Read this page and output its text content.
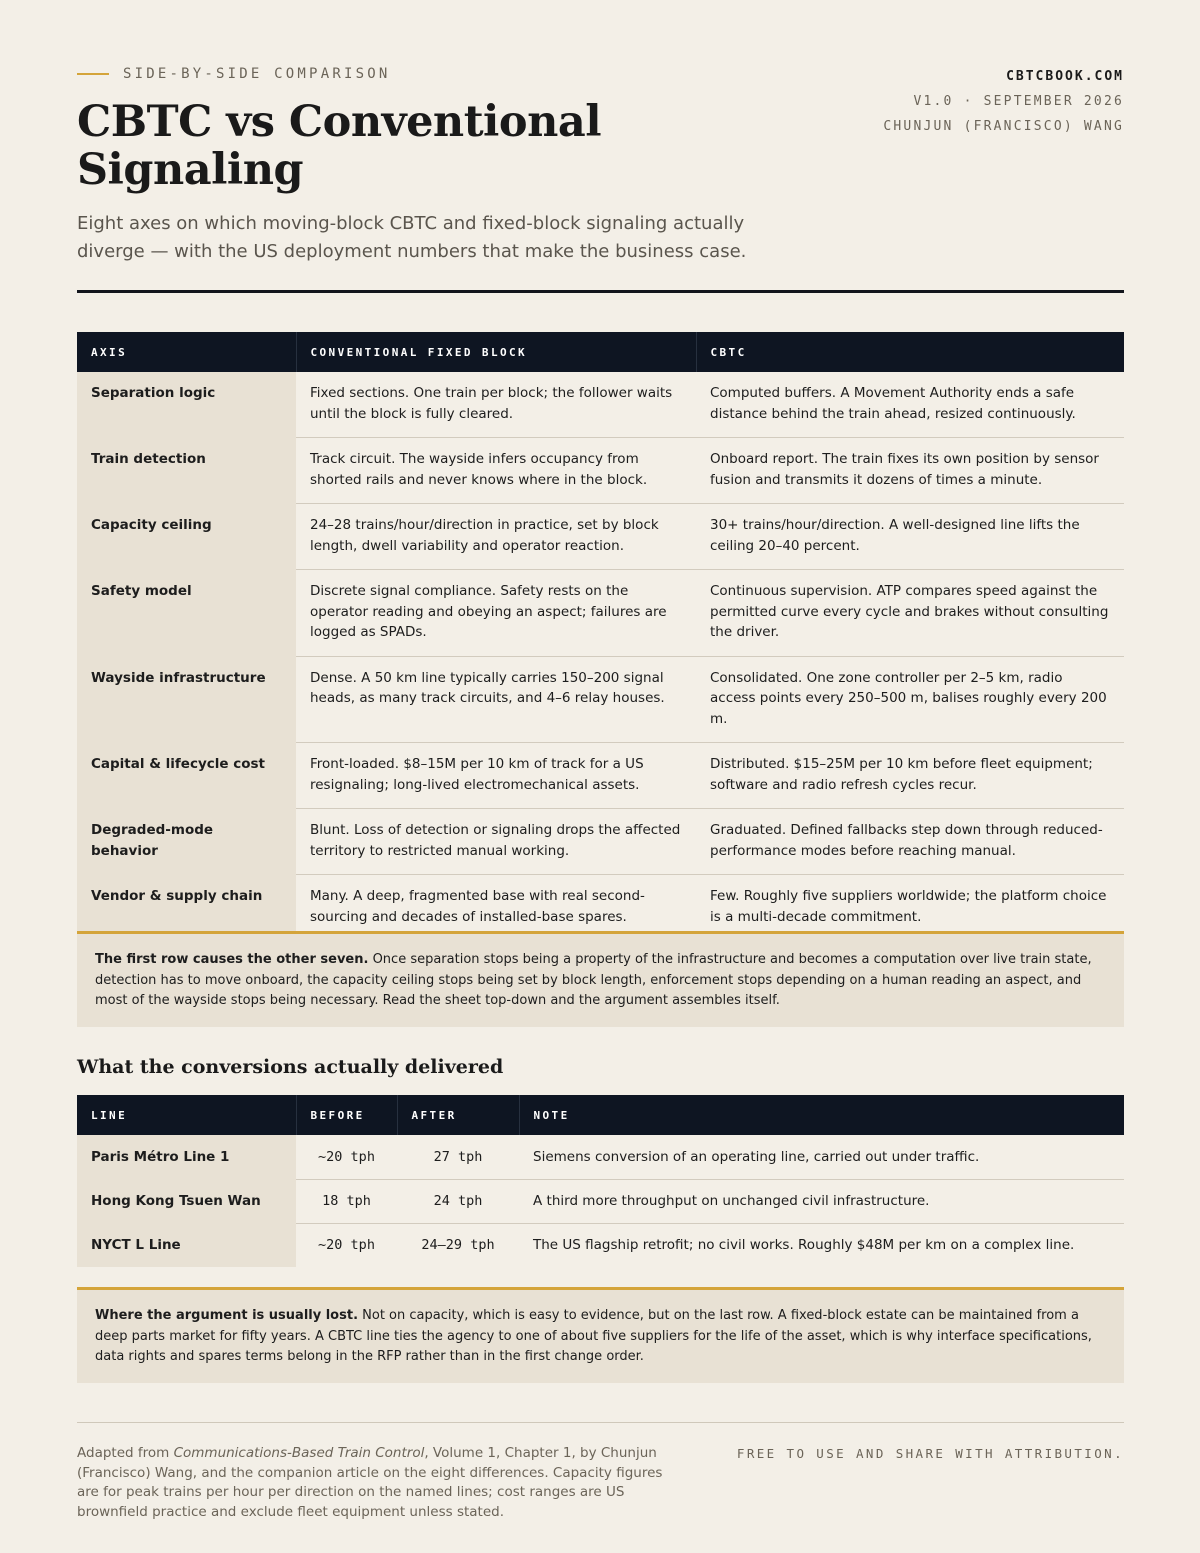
SIDE-BY-SIDE COMPARISON
CBTC vs Conventional Signaling

Eight axes on which moving-block CBTC and fixed-block signaling actually diverge — with the US deployment numbers that make the business case.

CBTCBOOK.COM
V1.0 · SEPTEMBER 2026
CHUNJUN (FRANCISCO) WANG
AXIS	CONVENTIONAL FIXED BLOCK	CBTC
Separation logic	Fixed sections. One train per block; the follower waits until the block is fully cleared.	Computed buffers. A Movement Authority ends a safe distance behind the train ahead, resized continuously.
Train detection	Track circuit. The wayside infers occupancy from shorted rails and never knows where in the block.	Onboard report. The train fixes its own position by sensor fusion and transmits it dozens of times a minute.
Capacity ceiling	24–28 trains/hour/direction in practice, set by block length, dwell variability and operator reaction.	30+ trains/hour/direction. A well-designed line lifts the ceiling 20–40 percent.
Safety model	Discrete signal compliance. Safety rests on the operator reading and obeying an aspect; failures are logged as SPADs.	Continuous supervision. ATP compares speed against the permitted curve every cycle and brakes without consulting the driver.
Wayside infrastructure	Dense. A 50 km line typically carries 150–200 signal heads, as many track circuits, and 4–6 relay houses.	Consolidated. One zone controller per 2–5 km, radio access points every 250–500 m, balises roughly every 200 m.
Capital & lifecycle cost	Front-loaded. $8–15M per 10 km of track for a US resignaling; long-lived electromechanical assets.	Distributed. $15–25M per 10 km before fleet equipment; software and radio refresh cycles recur.
Degraded-mode behavior	Blunt. Loss of detection or signaling drops the affected territory to restricted manual working.	Graduated. Defined fallbacks step down through reduced-performance modes before reaching manual.
Vendor & supply chain	Many. A deep, fragmented base with real second-sourcing and decades of installed-base spares.	Few. Roughly five suppliers worldwide; the platform choice is a multi-decade commitment.
The first row causes the other seven. Once separation stops being a property of the infrastructure and becomes a computation over live train state, detection has to move onboard, the capacity ceiling stops being set by block length, enforcement stops depending on a human reading an aspect, and most of the wayside stops being necessary. Read the sheet top-down and the argument assembles itself.
What the conversions actually delivered
LINE	BEFORE	AFTER	NOTE
Paris Métro Line 1	~20 tph	27 tph	Siemens conversion of an operating line, carried out under traffic.
Hong Kong Tsuen Wan	18 tph	24 tph	A third more throughput on unchanged civil infrastructure.
NYCT L Line	~20 tph	24–29 tph	The US flagship retrofit; no civil works. Roughly $48M per km on a complex line.
Where the argument is usually lost. Not on capacity, which is easy to evidence, but on the last row. A fixed-block estate can be maintained from a deep parts market for fifty years. A CBTC line ties the agency to one of about five suppliers for the life of the asset, which is why interface specifications, data rights and spares terms belong in the RFP rather than in the first change order.

Adapted from Communications-Based Train Control, Volume 1, Chapter 1, by Chunjun (Francisco) Wang, and the companion article on the eight differences. Capacity figures are for peak trains per hour per direction on the named lines; cost ranges are US brownfield practice and exclude fleet equipment unless stated.

FREE TO USE AND SHARE WITH ATTRIBUTION.
